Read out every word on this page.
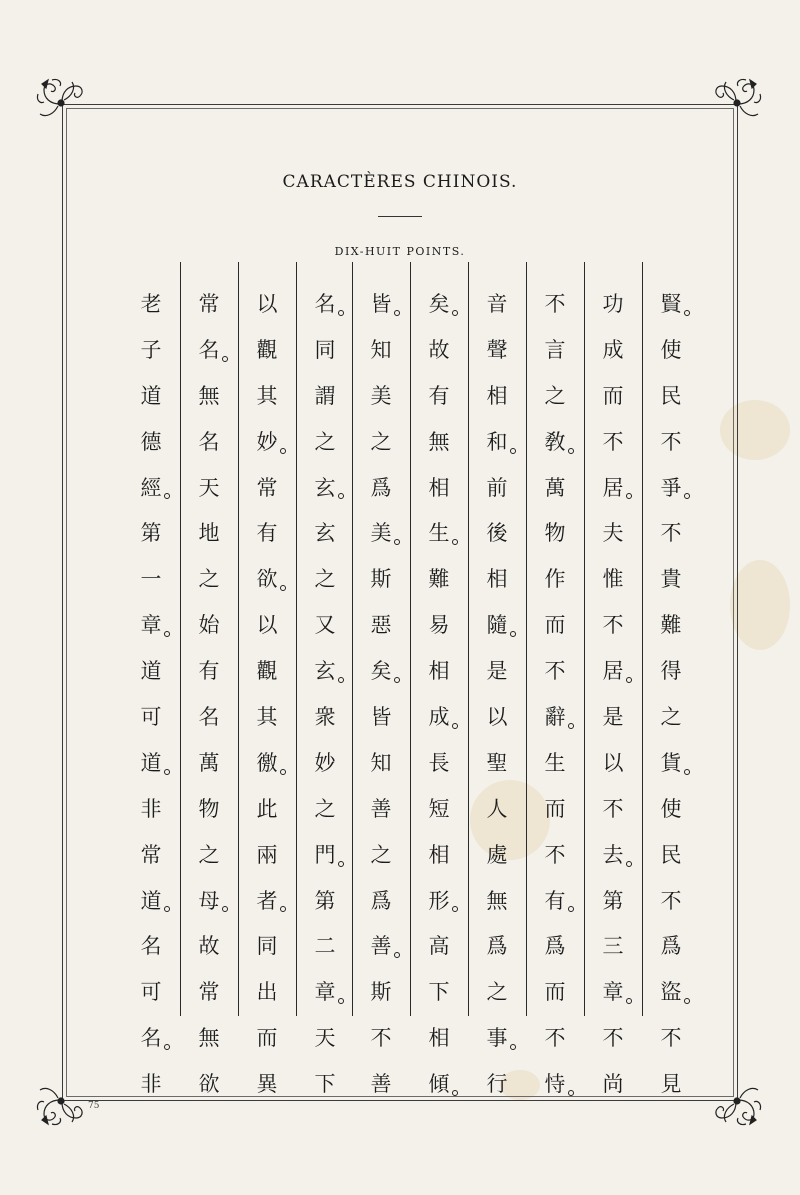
CARACTÈRES CHINOIS.
DIX-HUIT POINTS.
老
子
道
德
經
第
一
章
道
可
道
非
常
道
名
可
名
非
常
名
無
名
天
地
之
始
有
名
萬
物
之
母
故
常
無
欲
以
觀
其
妙
常
有
欲
以
觀
其
徼
此
兩
者
同
出
而
異
名
同
謂
之
玄
玄
之
又
玄
衆
妙
之
門
第
二
章
天
下
皆
知
美
之
爲
美
斯
惡
矣
皆
知
善
之
爲
善
斯
不
善
矣
故
有
無
相
生
難
易
相
成
長
短
相
形
高
下
相
傾
音
聲
相
和
前
後
相
隨
是
以
聖
人
處
無
爲
之
事
行
不
言
之
敎
萬
物
作
而
不
辭
生
而
不
有
爲
而
不
恃
功
成
而
不
居
夫
惟
不
居
是
以
不
去
第
三
章
不
尚
賢
使
民
不
爭
不
貴
難
得
之
貨
使
民
不
爲
盜
不
見
75
